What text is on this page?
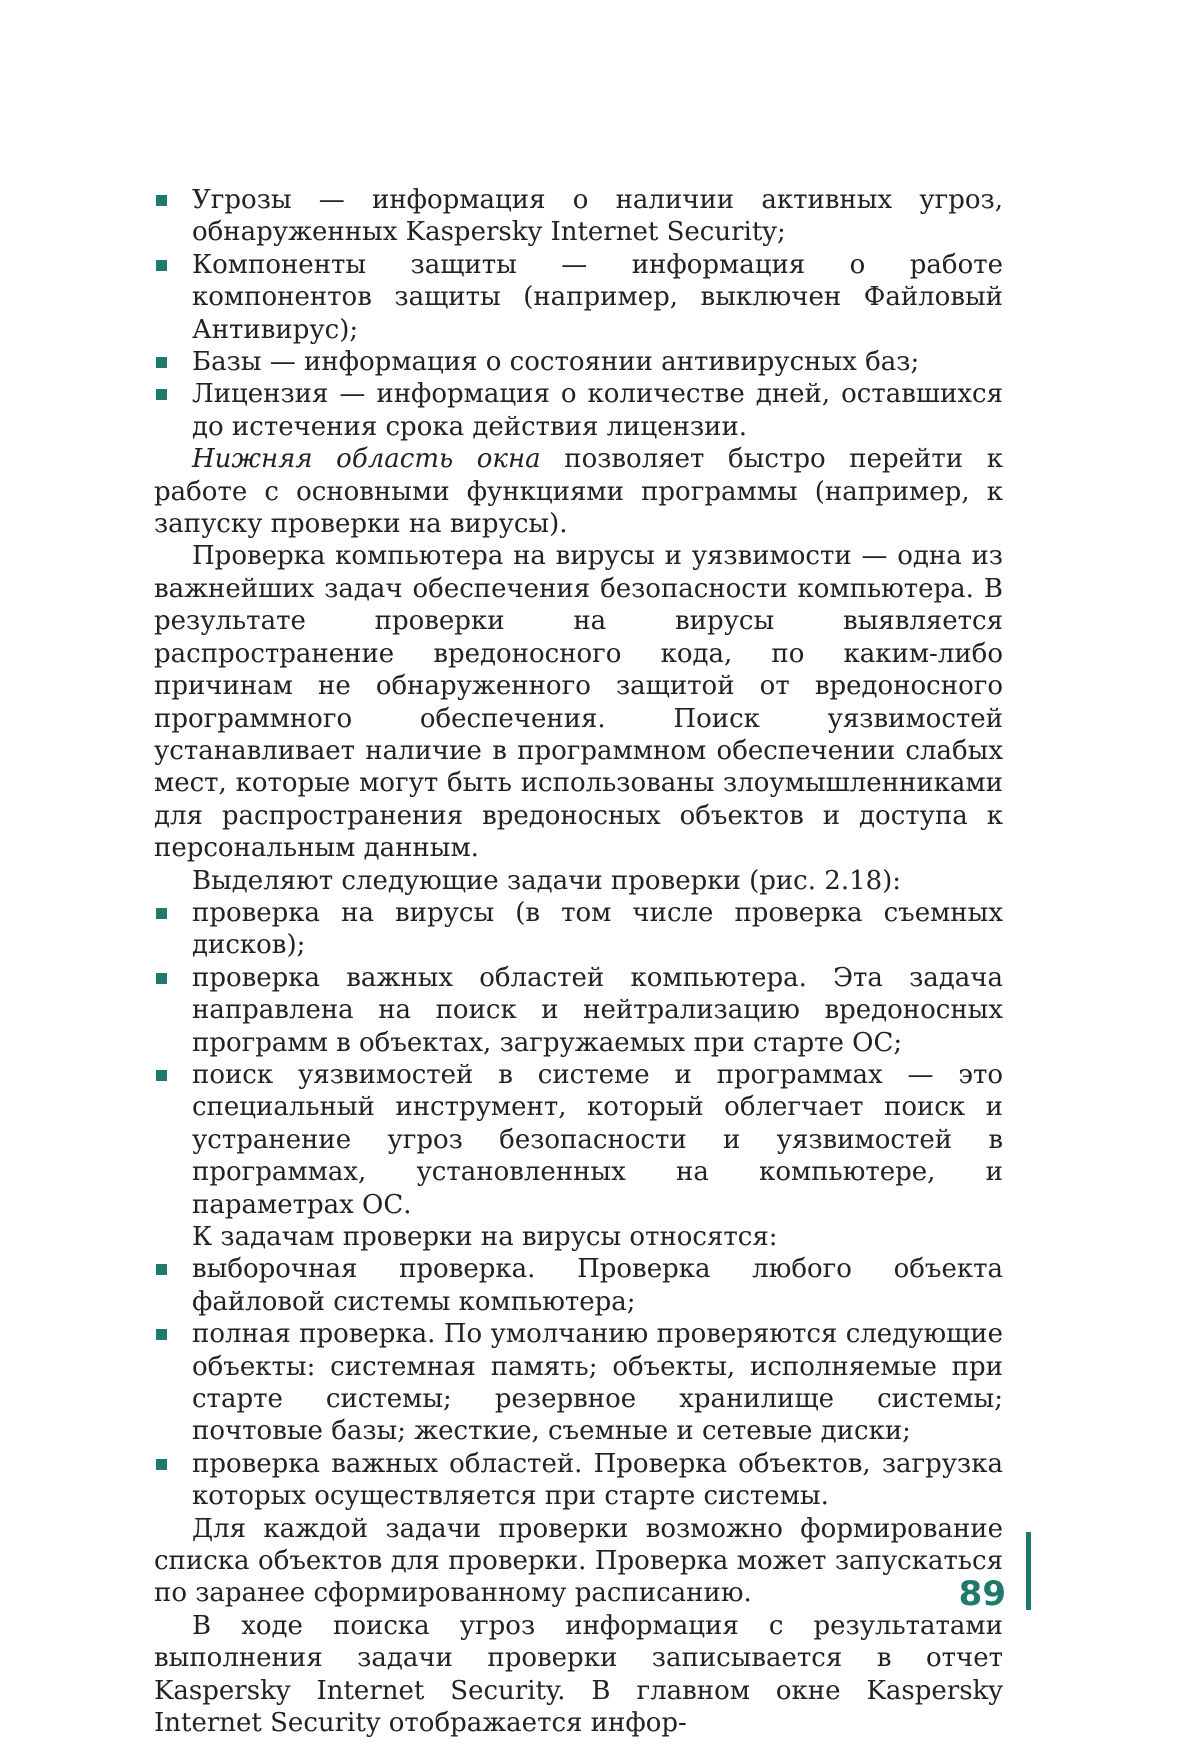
Угрозы — информация о наличии активных угроз, обнаруженных Kaspersky Internet Security;

Компоненты защиты — информация о работе компонентов защиты (например, выключен Файловый Антивирус);

Базы — информация о состоянии антивирусных баз;

Лицензия — информация о количестве дней, оставшихся до истечения срока действия лицензии.

Нижняя область окна позволяет быстро перейти к работе с основными функциями программы (например, к запуску проверки на вирусы).

Проверка компьютера на вирусы и уязвимости — одна из важнейших задач обеспечения безопасности компьютера. В результате проверки на вирусы выявляется распространение вредоносного кода, по каким-либо причинам не обнаруженного защитой от вредоносного программного обеспечения. Поиск уязвимостей устанавливает наличие в программном обеспечении слабых мест, которые могут быть использованы злоумышленниками для распространения вредоносных объектов и доступа к персональным данным.

Выделяют следующие задачи проверки (рис. 2.18):

проверка на вирусы (в том числе проверка съемных дисков);

проверка важных областей компьютера. Эта задача направлена на поиск и нейтрализацию вредоносных программ в объектах, загружаемых при старте ОС;

поиск уязвимостей в системе и программах — это специальный инструмент, который облегчает поиск и устранение угроз безопасности и уязвимостей в программах, установленных на компьютере, и параметрах ОС.

К задачам проверки на вирусы относятся:

выборочная проверка. Проверка любого объекта файловой системы компьютера;

полная проверка. По умолчанию проверяются следующие объекты: системная память; объекты, исполняемые при старте системы; резервное хранилище системы; почтовые базы; жесткие, съемные и сетевые диски;

проверка важных областей. Проверка объектов, загрузка которых осуществляется при старте системы.

Для каждой задачи проверки возможно формирование списка объектов для проверки. Проверка может запускаться по заранее сформированному расписанию.

В ходе поиска угроз информация с результатами выполнения задачи проверки записывается в отчет Kaspersky Internet Security. В главном окне Kaspersky Internet Security отображается инфор-

89
